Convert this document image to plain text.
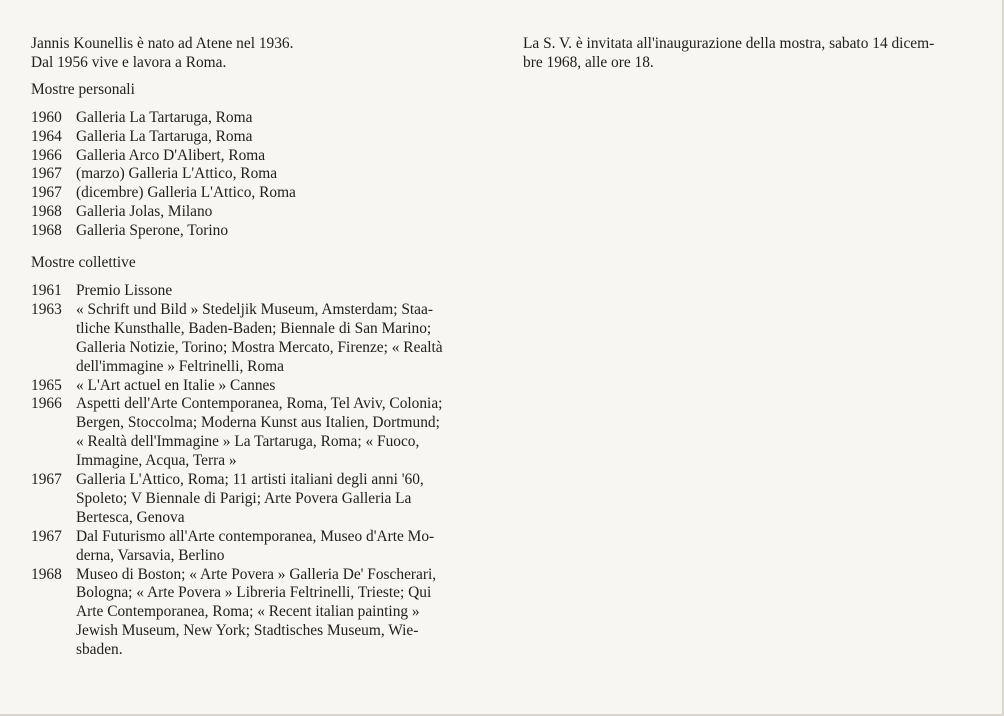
Jannis Kounellis è nato ad Atene nel 1936.
Dal 1956 vive e lavora a Roma.
Mostre personali
1960 Galleria La Tartaruga, Roma
1964 Galleria La Tartaruga, Roma
1966 Galleria Arco D'Alibert, Roma
1967 (marzo) Galleria L'Attico, Roma
1967 (dicembre) Galleria L'Attico, Roma
1968 Galleria Jolas, Milano
1968 Galleria Sperone, Torino
Mostre collettive
1961 Premio Lissone
1963 « Schrift und Bild » Stedeljik Museum, Amsterdam; Staa-
tliche Kunsthalle, Baden-Baden; Biennale di San Marino;
Galleria Notizie, Torino; Mostra Mercato, Firenze; « Realtà
dell'immagine » Feltrinelli, Roma
1965 « L'Art actuel en Italie » Cannes
1966 Aspetti dell'Arte Contemporanea, Roma, Tel Aviv, Colonia;
Bergen, Stoccolma; Moderna Kunst aus Italien, Dortmund;
« Realtà dell'Immagine » La Tartaruga, Roma; « Fuoco,
Immagine, Acqua, Terra »
1967 Galleria L'Attico, Roma; 11 artisti italiani degli anni '60,
Spoleto; V Biennale di Parigi; Arte Povera Galleria La
Bertesca, Genova
1967 Dal Futurismo all'Arte contemporanea, Museo d'Arte Mo-
derna, Varsavia, Berlino
1968 Museo di Boston; « Arte Povera » Galleria De' Foscherari,
Bologna; « Arte Povera » Libreria Feltrinelli, Trieste; Qui
Arte Contemporanea, Roma; « Recent italian painting »
Jewish Museum, New York; Stadtisches Museum, Wie-
sbaden.
La S. V. è invitata all'inaugurazione della mostra, sabato 14 dicem-
bre 1968, alle ore 18.
